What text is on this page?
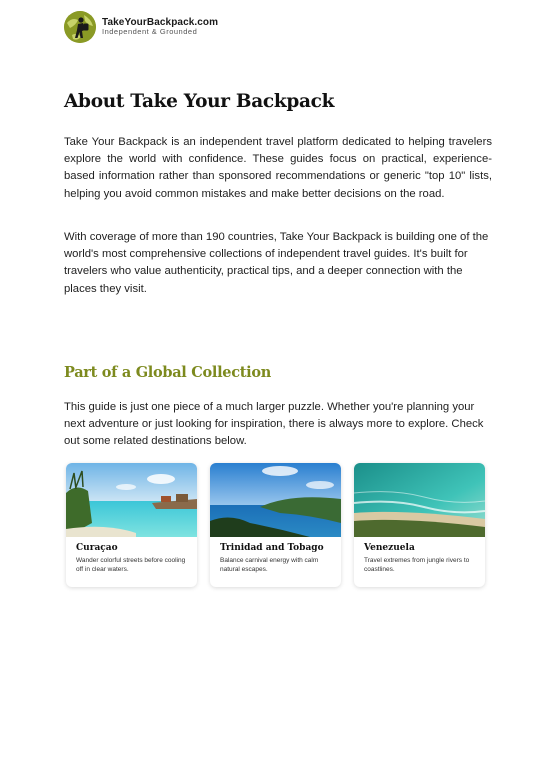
TakeYourBackpack.com
Independent & Grounded
About Take Your Backpack

Take Your Backpack is an independent travel platform dedicated to helping travelers explore the world with confidence. These guides focus on practical, experience-based information rather than sponsored recommendations or generic "top 10" lists, helping you avoid common mistakes and make better decisions on the road.

With coverage of more than 190 countries, Take Your Backpack is building one of the world's most comprehensive collections of independent travel guides. It's built for travelers who value authenticity, practical tips, and a deeper connection with the places they visit.

Part of a Global Collection

This guide is just one piece of a much larger puzzle. Whether you're planning your next adventure or just looking for inspiration, there is always more to explore. Check out some related destinations below.

Curaçao
Wander colorful streets before cooling off in clear waters.
Trinidad and Tobago
Balance carnival energy with calm natural escapes.
Venezuela
Travel extremes from jungle rivers to coastlines.
